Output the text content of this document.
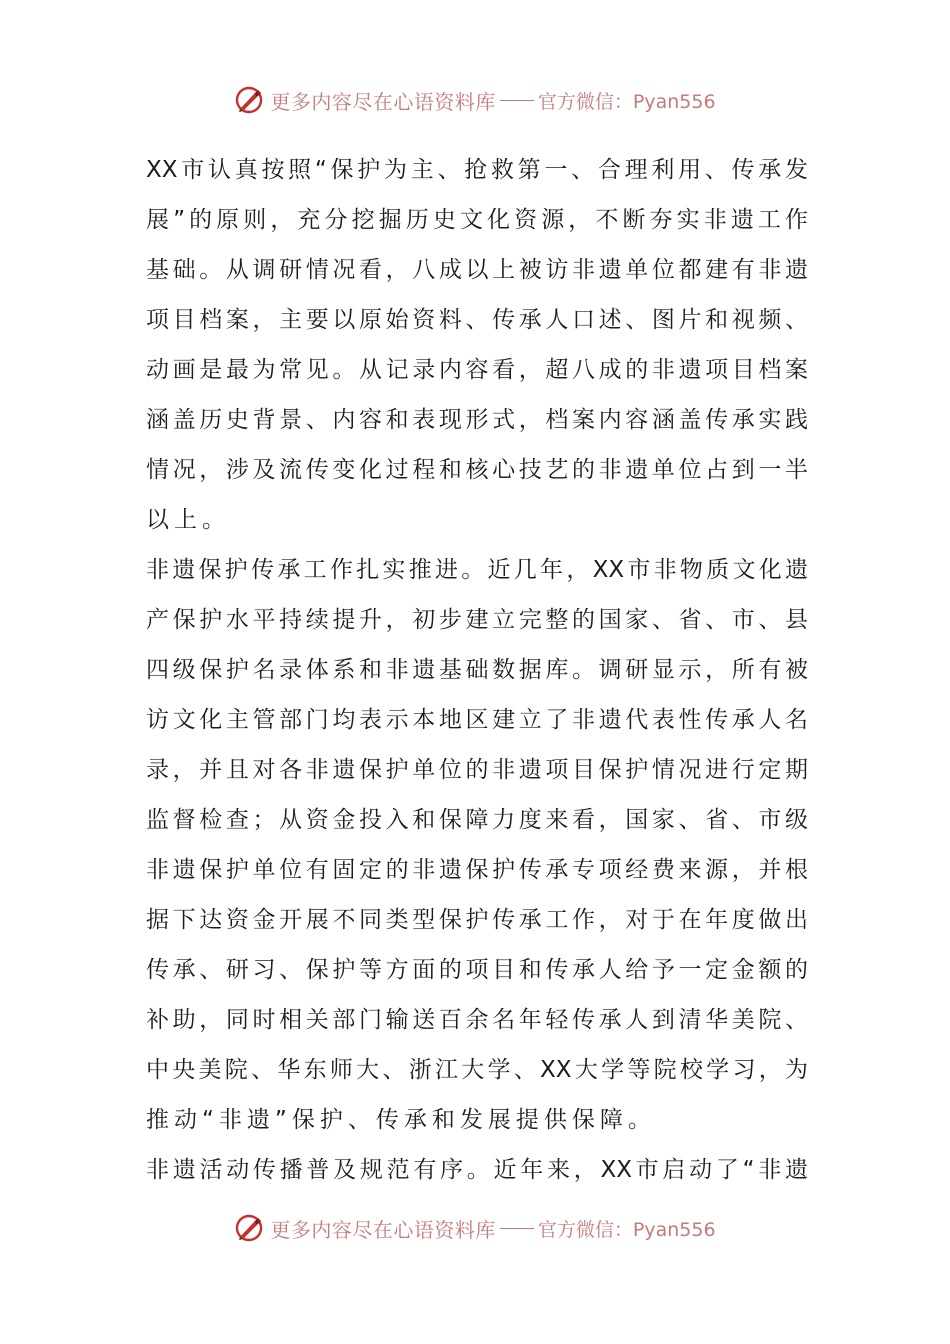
更多内容尽在心语资料库 官方微信：Pyan556
XX市认真按照“保护为主、抢救第一、合理利用、传承发
展”的原则，充分挖掘历史文化资源，不断夯实非遗工作
基础。从调研情况看，八成以上被访非遗单位都建有非遗
项目档案，主要以原始资料、传承人口述、图片和视频、
动画是最为常见。从记录内容看，超八成的非遗项目档案
涵盖历史背景、内容和表现形式，档案内容涵盖传承实践
情况，涉及流传变化过程和核心技艺的非遗单位占到一半
以上。
非遗保护传承工作扎实推进。近几年，XX市非物质文化遗
产保护水平持续提升，初步建立完整的国家、省、市、县
四级保护名录体系和非遗基础数据库。调研显示，所有被
访文化主管部门均表示本地区建立了非遗代表性传承人名
录，并且对各非遗保护单位的非遗项目保护情况进行定期
监督检查；从资金投入和保障力度来看，国家、省、市级
非遗保护单位有固定的非遗保护传承专项经费来源，并根
据下达资金开展不同类型保护传承工作，对于在年度做出
传承、研习、保护等方面的项目和传承人给予一定金额的
补助，同时相关部门输送百余名年轻传承人到清华美院、
中央美院、华东师大、浙江大学、XX大学等院校学习，为
推动“非遗”保护、传承和发展提供保障。
非遗活动传播普及规范有序。近年来，XX市启动了“非遗
更多内容尽在心语资料库 官方微信：Pyan556
